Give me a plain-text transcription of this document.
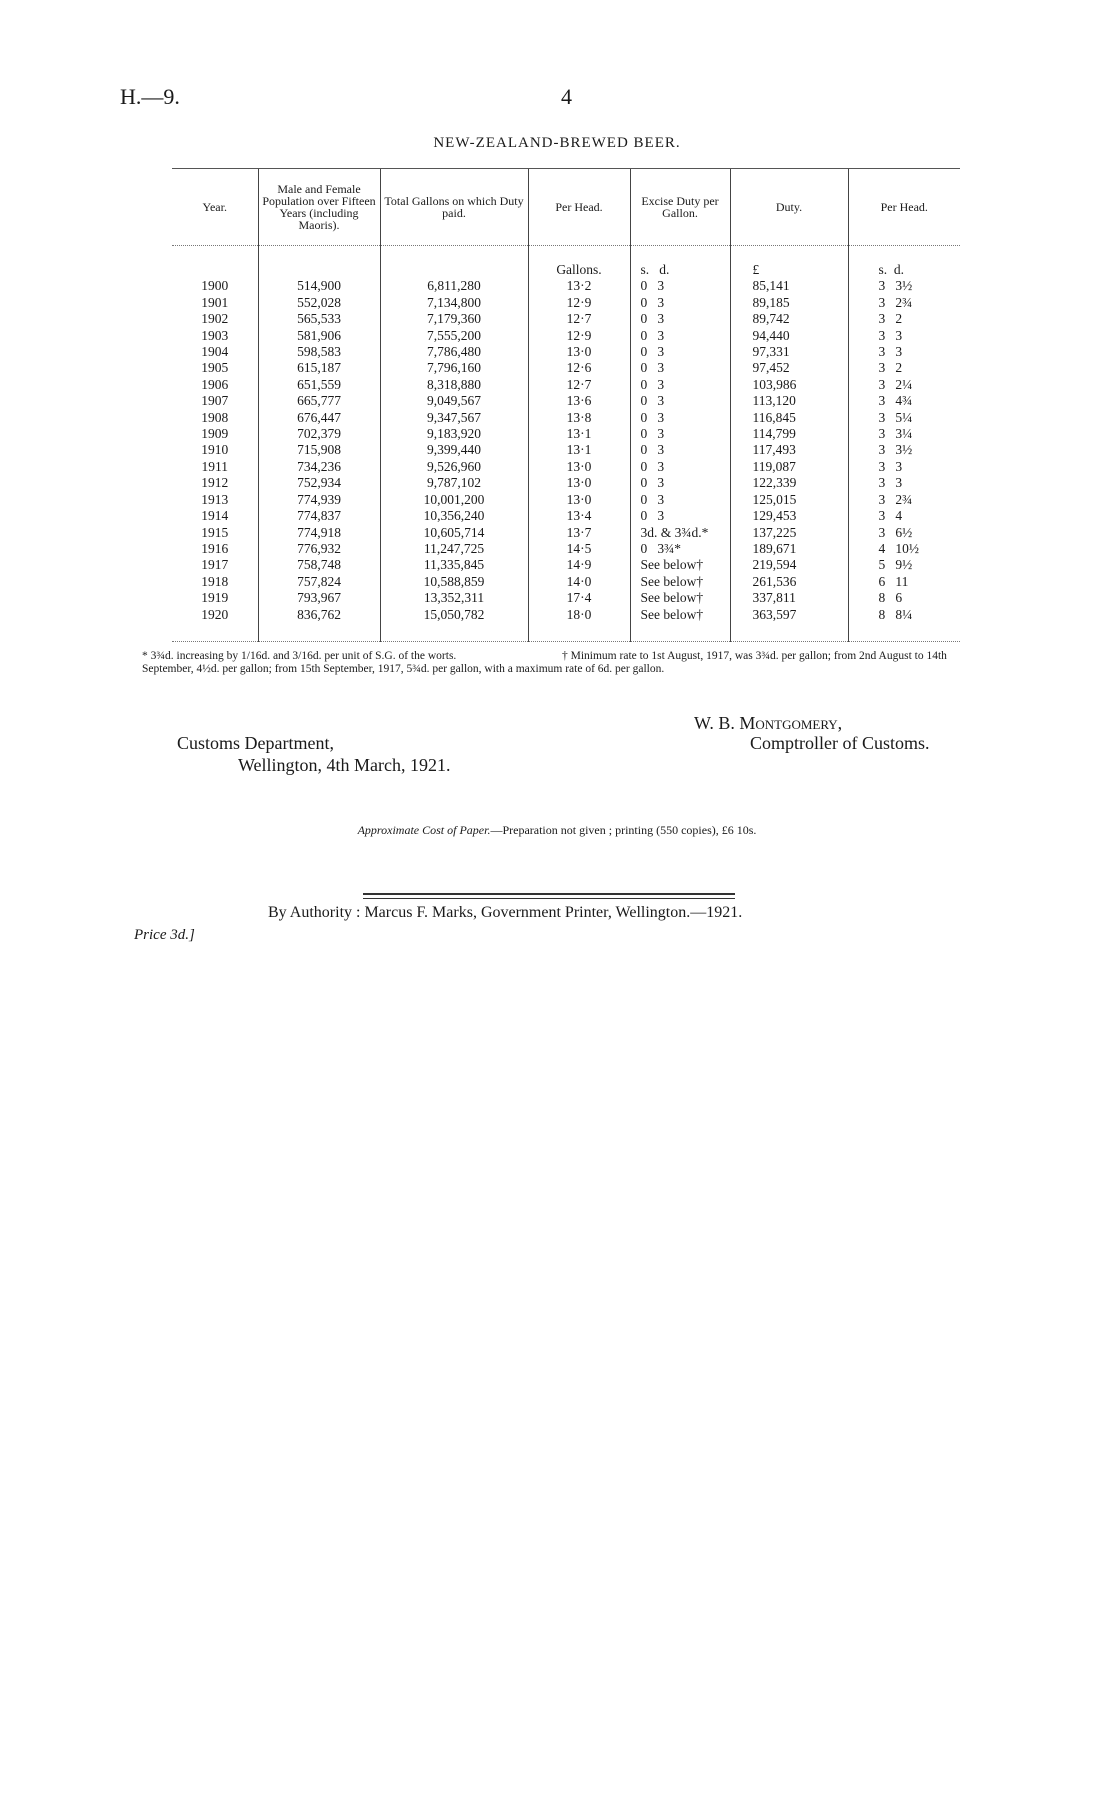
H.—9.	4
NEW-ZEALAND-BREWED BEER.
Year.	Male and Female Population over Fifteen Years (including Maoris).	Total Gallons on which Duty paid.	Per Head.	Excise Duty per Gallon.	Duty.	Per Head.
			Gallons.	s.   d.	£	s.  d.
1900	514,900	6,811,280	13·2	0   3	85,141	3   3½
1901	552,028	7,134,800	12·9	0   3	89,185	3   2¾
1902	565,533	7,179,360	12·7	0   3	89,742	3   2
1903	581,906	7,555,200	12·9	0   3	94,440	3   3
1904	598,583	7,786,480	13·0	0   3	97,331	3   3
1905	615,187	7,796,160	12·6	0   3	97,452	3   2
1906	651,559	8,318,880	12·7	0   3	103,986	3   2¼
1907	665,777	9,049,567	13·6	0   3	113,120	3   4¾
1908	676,447	9,347,567	13·8	0   3	116,845	3   5¼
1909	702,379	9,183,920	13·1	0   3	114,799	3   3¼
1910	715,908	9,399,440	13·1	0   3	117,493	3   3½
1911	734,236	9,526,960	13·0	0   3	119,087	3   3
1912	752,934	9,787,102	13·0	0   3	122,339	3   3
1913	774,939	10,001,200	13·0	0   3	125,015	3   2¾
1914	774,837	10,356,240	13·4	0   3	129,453	3   4
1915	774,918	10,605,714	13·7	3d. & 3¾d.*	137,225	3   6½
1916	776,932	11,247,725	14·5	0   3¾*	189,671	4   10½
1917	758,748	11,335,845	14·9	See below†	219,594	5   9½
1918	757,824	10,588,859	14·0	See below†	261,536	6   11
1919	793,967	13,352,311	17·4	See below†	337,811	8   6
1920	836,762	15,050,782	18·0	See below†	363,597	8   8¼
* 3¾d. increasing by 1/16d. and 3/16d. per unit of S.G. of the worts.	† Minimum rate to 1st August, 1917, was 3¾d. per gallon; from 2nd August to 14th September, 4½d. per gallon; from 15th September, 1917, 5¾d. per gallon, with a maximum rate of 6d. per gallon.
W. B. Montgomery,
Comptroller of Customs.
Customs Department,
Wellington, 4th March, 1921.
Approximate Cost of Paper.—Preparation not given ; printing (550 copies), £6 10s.
By Authority : Marcus F. Marks, Government Printer, Wellington.—1921.
Price 3d.]
